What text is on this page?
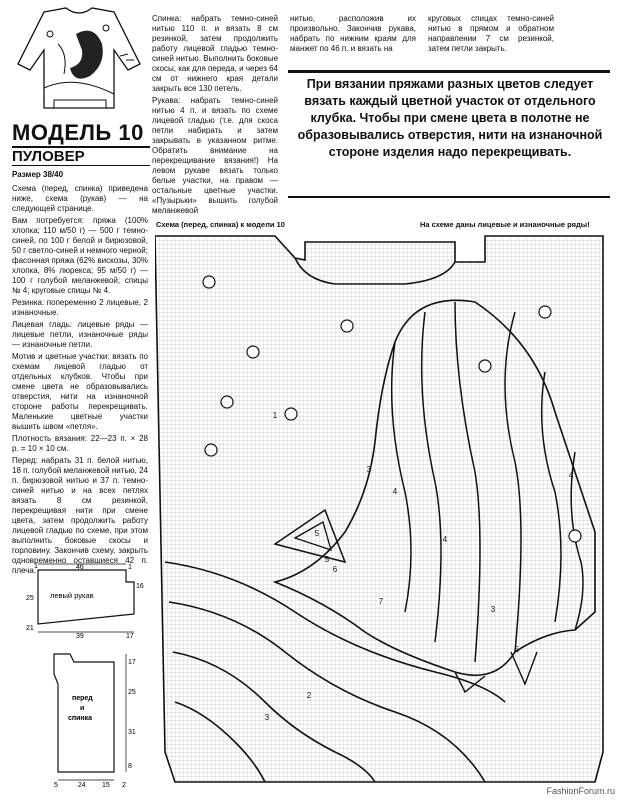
МОДЕЛЬ 10
ПУЛОВЕР

Размер 38/40

Схема (перед, спинка) приведена ниже, схема (рукав) — на следующей странице.

Вам потребуется: пряжа (100% хлопка; 110 м/50 г) — 500 г темно-синей, по 100 г белой и бирюзовой, 50 г светло-синей и немного черной; фасонная пряжа (62% вискозы, 30% хлопка, 8% люрекса; 95 м/50 г) — 100 г голубой меланжевой; спицы № 4; круговые спицы № 4.

Резинка: попеременно 2 лицевые, 2 изнаночные.

Лицевая гладь: лицевые ряды — лицевые петли, изнаночные ряды — изнаночные петли.

Мотив и цветные участки: вязать по схемам лицевой гладью от отдельных клубков. Чтобы при смене цвета не образовывались отверстия, нити на изнаночной стороне работы перекрещивать. Маленькие цветные участки вышить швом «петля».

Плотность вязания: 22—23 п. × 28 р. = 10 × 10 см.

Перед: набрать 31 п. белой нитью, 18 п. голубой меланжевой нитью, 24 п. бирюзовой нитью и 37 п. темно-синей нитью и на всех петлях вязать 8 см резинкой, перекрещивая нити при смене цвета, затем продолжить работу лицевой гладью по схеме, при этом выполнить боковые скосы и горловину. Закончив схему, закрыть одновременно оставшиеся 42 п. плеча.

Спинка: набрать темно-синей нитью 110 п. и вязать 8 см резинкой, затем продолжить работу лицевой гладью темно-синей нитью. Выполнить боковые скосы, как для переда, и через 64 см от нижнего края детали закрыть все 130 петель.

Рукава: набрать темно-синей нитью 4 п. и вязать по схеме лицевой гладью (т.е. для скоса петли набирать и затем закрывать в указанном ритме. Обратить внимание на перекрещивание вязания!) На левом рукаве вязать только белые участки, на правом — остальные цветные участки. «Пузырьки» вышить голубой меланжевой

нитью, расположив их произвольно. Закончив рукава, набрать по нижним краям для манжет по 46 п. и вязать на

круговых спицах темно-синей нитью в прямом и обратном направлении 7 см резинкой, затем петли закрыть.

При вязании пряжами разных цветов следует вязать каждый цветной участок от отдельного клубка. Чтобы при смене цвета в полотне не образовывались отверстия, нити на изнаночной стороне изделия надо перекрещивать.
Схема (перед, спинка) к модели 10	На схеме даны лицевые и изнаночные ряды!
1
2
3
3
3
4
4
4
5
5
5
6
7
1	46	1
25
16
21
39	17
левый рукав
17
25
31
8
24 15
5	2
перед
и
спинка
FashionForum.ru
